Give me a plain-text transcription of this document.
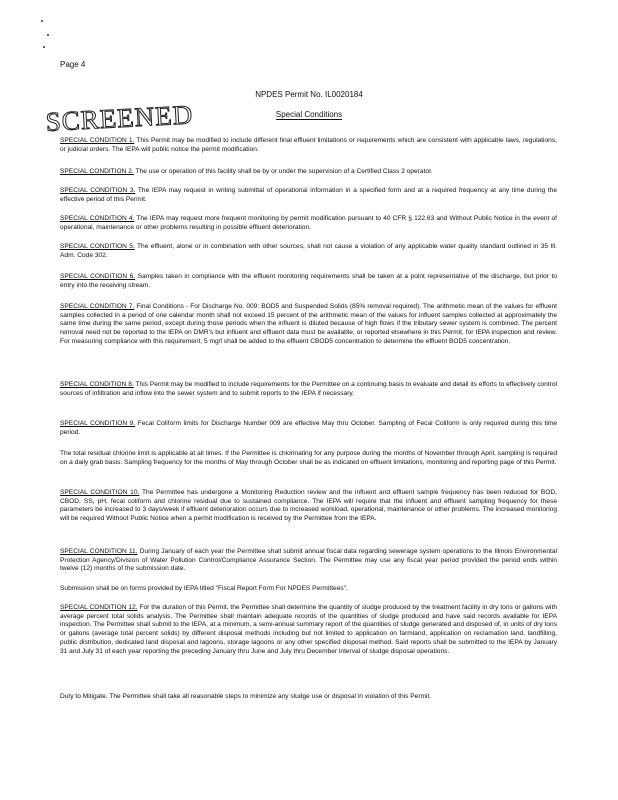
Page 4
NPDES Permit No. IL0020184
Special Conditions
SCREENED
SPECIAL CONDITION 1. This Permit may be modified to include different final effluent limitations or requirements which are consistent with applicable laws, regulations, or judicial orders. The IEPA will public notice the permit modification.
SPECIAL CONDITION 2. The use or operation of this facility shall be by or under the supervision of a Certified Class 2 operator.
SPECIAL CONDITION 3. The IEPA may request in writing submittal of operational information in a specified form and at a required frequency at any time during the effective period of this Permit.
SPECIAL CONDITION 4. The IEPA may request more frequent monitoring by permit modification pursuant to 40 CFR § 122.63 and Without Public Notice in the event of operational, maintenance or other problems resulting in possible effluent deterioration.
SPECIAL CONDITION 5. The effluent, alone or in combination with other sources, shall not cause a violation of any applicable water quality standard outlined in 35 Ill. Adm. Code 302.
SPECIAL CONDITION 6. Samples taken in compliance with the effluent monitoring requirements shall be taken at a point representative of the discharge, but prior to entry into the receiving stream.
SPECIAL CONDITION 7. Final Conditions - For Discharge No. 009: BOD5 and Suspended Solids (85% removal required). The arithmetic mean of the values for effluent samples collected in a period of one calendar month shall not exceed 15 percent of the arithmetic mean of the values for influent samples collected at approximately the same time during the same period, except during those periods when the influent is diluted because of high flows if the tributary sewer system is combined. The percent removal need not be reported to the IEPA on DMR's but influent and effluent data must be available, or reported elsewhere in this Permit, for IEPA inspection and review. For measuring compliance with this requirement, 5 mg/l shall be added to the effluent CBOD5 concentration to determine the effluent BOD5 concentration.
SPECIAL CONDITION 8. This Permit may be modified to include requirements for the Permittee on a continuing basis to evaluate and detail its efforts to effectively control sources of infiltration and inflow into the sewer system and to submit reports to the IEPA if necessary.
SPECIAL CONDITION 9. Fecal Coliform limits for Discharge Number 009 are effective May thru October. Sampling of Fecal Coliform is only required during this time period.
The total residual chlorine limit is applicable at all times. If the Permittee is chlorinating for any purpose during the months of November through April, sampling is required on a daily grab basis. Sampling frequency for the months of May through October shall be as indicated on effluent limitations, monitoring and reporting page of this Permit.
SPECIAL CONDITION 10. The Permittee has undergone a Monitoring Reduction review and the influent and effluent sample frequency has been reduced for BOD, CBOD, SS, pH, fecal coliform and chlorine residual due to sustained compliance. The IEPA will require that the influent and effluent sampling frequency for these parameters be increased to 3 days/week if effluent deterioration occurs due to increased workload, operational, maintenance or other problems. The increased monitoring will be required Without Public Notice when a permit modification is received by the Permittee from the IEPA.
SPECIAL CONDITION 11. During January of each year the Permittee shall submit annual fiscal data regarding sewerage system operations to the Illinois Environmental Protection Agency/Division of Water Pollution Control/Compliance Assurance Section. The Permittee may use any fiscal year period provided the period ends within twelve (12) months of the submission date.
Submission shall be on forms provided by IEPA titled "Fiscal Report Form For NPDES Permittees".
SPECIAL CONDITION 12. For the duration of this Permit, the Permittee shall determine the quantity of sludge produced by the treatment facility in dry tons or gallons with average percent total solids analysis. The Permittee shall maintain adequate records of the quantities of sludge produced and have said records available for IEPA inspection. The Permittee shall submit to the IEPA, at a minimum, a semi-annual summary report of the quantities of sludge generated and disposed of, in units of dry tons or gallons (average total percent solids) by different disposal methods including but not limited to application on farmland, application on reclamation land, landfilling, public distribution, dedicated land disposal and lagoons, storage lagoons or any other specified disposal method. Said reports shall be submitted to the IEPA by January 31 and July 31 of each year reporting the preceding January thru June and July thru December interval of sludge disposal operations.
Duty to Mitigate. The Permittee shall take all reasonable steps to minimize any sludge use or disposal in violation of this Permit.
